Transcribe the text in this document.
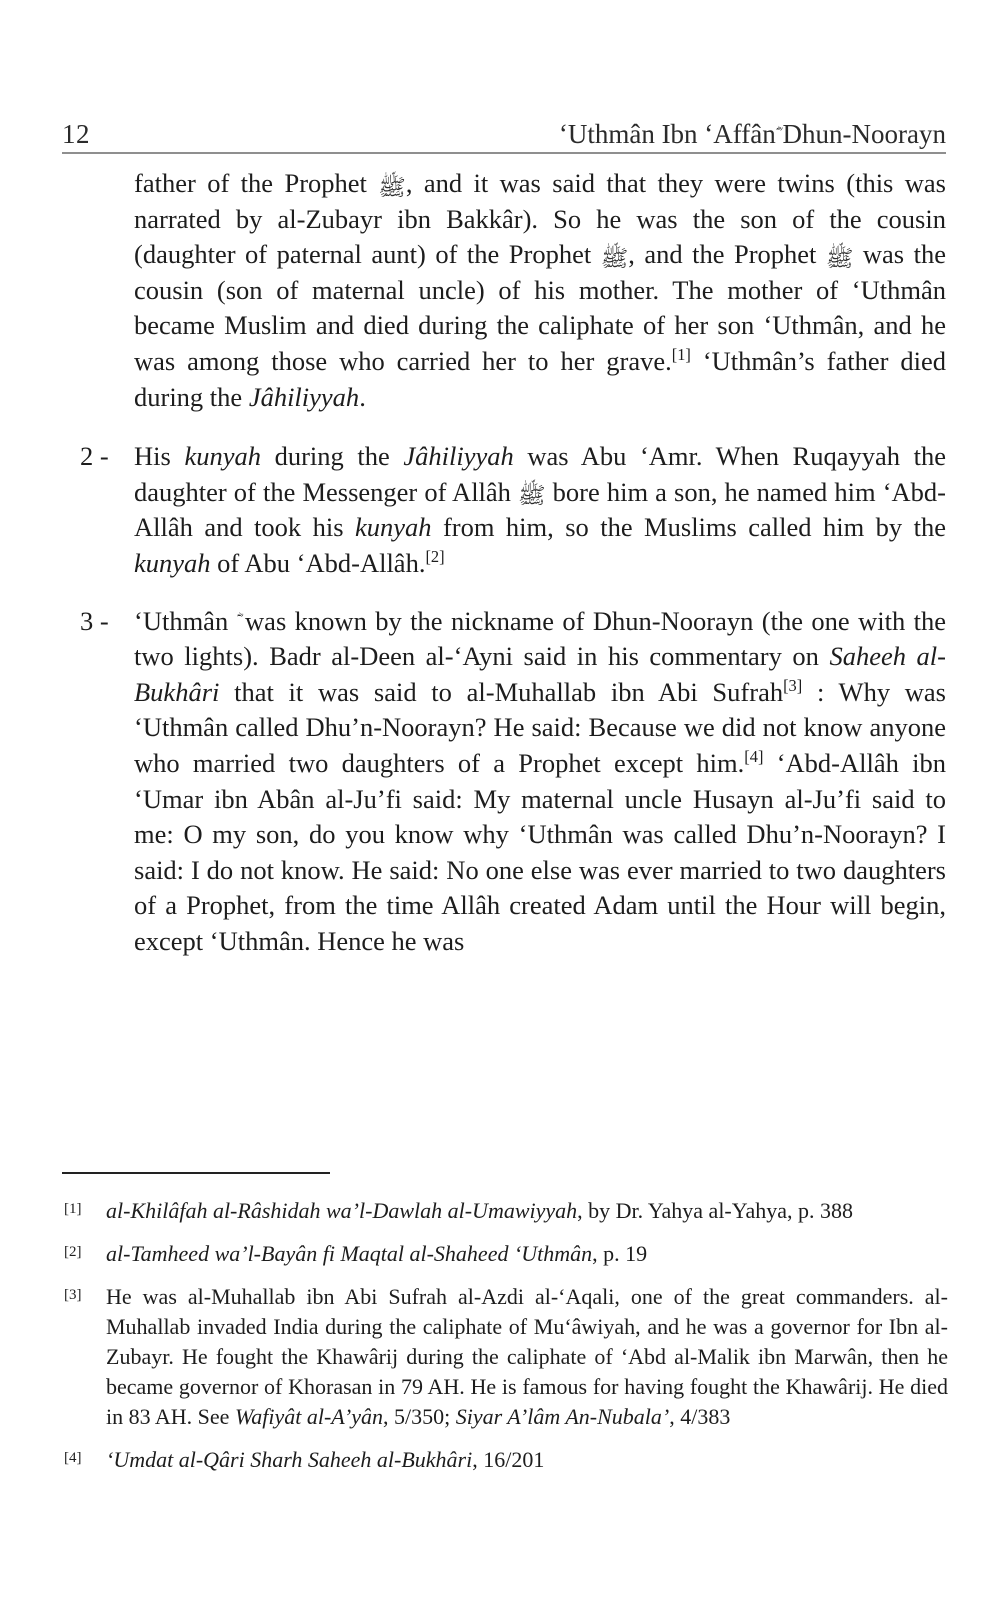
12	‘Uthmân Ibn ‘Affân Dhun-Noorayn

father of the Prophet ﷺ, and it was said that they were twins (this was narrated by al-Zubayr ibn Bakkâr). So he was the son of the cousin (daughter of paternal aunt) of the Prophet ﷺ, and the Prophet ﷺ was the cousin (son of maternal uncle) of his mother. The mother of ‘Uthmân became Muslim and died during the caliphate of her son ‘Uthmân, and he was among those who carried her to her grave.[1] ‘Uthmân’s father died during the Jâhiliyyah.

2 - His kunyah during the Jâhiliyyah was Abu ‘Amr. When Ruqayyah the daughter of the Messenger of Allâh ﷺ bore him a son, he named him ‘Abd-Allâh and took his kunyah from him, so the Muslims called him by the kunyah of Abu ‘Abd-Allâh.[2]
3 - ‘Uthmân  was known by the nickname of Dhun-Noorayn (the one with the two lights). Badr al-Deen al-‘Ayni said in his commentary on Saheeh al-Bukhâri that it was said to al-Muhallab ibn Abi Sufrah[3] : Why was ‘Uthmân called Dhu’n-Noorayn? He said: Because we did not know anyone who married two daughters of a Prophet except him.[4] ‘Abd-Allâh ibn ‘Umar ibn Abân al-Ju’fi said: My maternal uncle Husayn al-Ju’fi said to me: O my son, do you know why ‘Uthmân was called Dhu’n-Noorayn? I said: I do not know. He said: No one else was ever married to two daughters of a Prophet, from the time Allâh created Adam until the Hour will begin, except ‘Uthmân. Hence he was
[1] al-Khilâfah al-Râshidah wa’l-Dawlah al-Umawiyyah, by Dr. Yahya al-Yahya, p. 388
[2] al-Tamheed wa’l-Bayân fi Maqtal al-Shaheed ‘Uthmân, p. 19
[3] He was al-Muhallab ibn Abi Sufrah al-Azdi al-‘Aqali, one of the great commanders. al-Muhallab invaded India during the caliphate of Mu‘âwiyah, and he was a governor for Ibn al-Zubayr. He fought the Khawârij during the caliphate of ‘Abd al-Malik ibn Marwân, then he became governor of Khorasan in 79 AH. He is famous for having fought the Khawârij. He died in 83 AH. See Wafiyât al-A’yân, 5/350; Siyar A’lâm An-Nubala’, 4/383
[4] ‘Umdat al-Qâri Sharh Saheeh al-Bukhâri, 16/201
